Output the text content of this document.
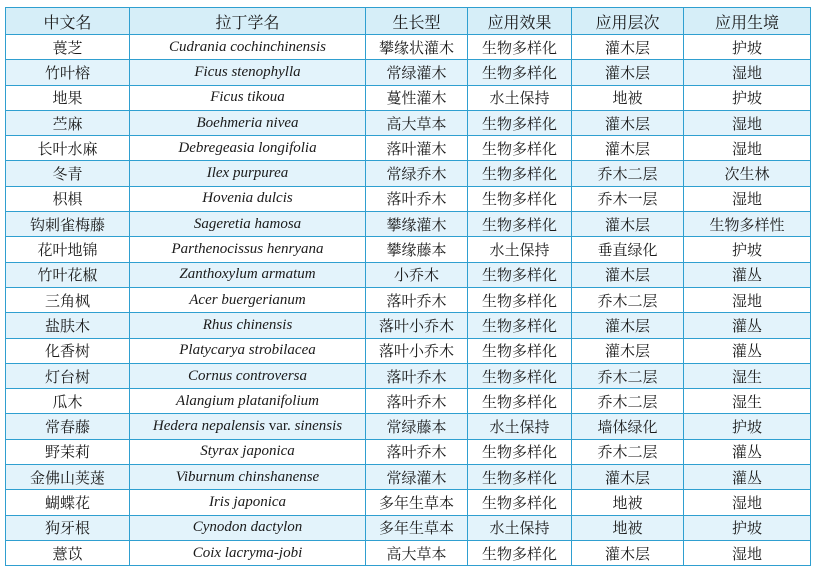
中文名	拉丁学名	生长型	应用效果	应用层次	应用生境
葨芝	Cudrania cochinchinensis	攀缘状灌木	生物多样化	灌木层	护坡
竹叶榕	Ficus stenophylla	常绿灌木	生物多样化	灌木层	湿地
地果	Ficus tikoua	蔓性灌木	水土保持	地被	护坡
苎麻	Boehmeria nivea	高大草本	生物多样化	灌木层	湿地
长叶水麻	Debregeasia longifolia	落叶灌木	生物多样化	灌木层	湿地
冬青	Ilex purpurea	常绿乔木	生物多样化	乔木二层	次生林
枳椇	Hovenia dulcis	落叶乔木	生物多样化	乔木一层	湿地
钩刺雀梅藤	Sageretia hamosa	攀缘灌木	生物多样化	灌木层	生物多样性
花叶地锦	Parthenocissus henryana	攀缘藤本	水土保持	垂直绿化	护坡
竹叶花椒	Zanthoxylum armatum	小乔木	生物多样化	灌木层	灌丛
三角枫	Acer buergerianum	落叶乔木	生物多样化	乔木二层	湿地
盐肤木	Rhus chinensis	落叶小乔木	生物多样化	灌木层	灌丛
化香树	Platycarya strobilacea	落叶小乔木	生物多样化	灌木层	灌丛
灯台树	Cornus controversa	落叶乔木	生物多样化	乔木二层	湿生
瓜木	Alangium platanifolium	落叶乔木	生物多样化	乔木二层	湿生
常春藤	Hedera nepalensis var. sinensis	常绿藤本	水土保持	墙体绿化	护坡
野茉莉	Styrax japonica	落叶乔木	生物多样化	乔木二层	灌丛
金佛山荚蒾	Viburnum chinshanense	常绿灌木	生物多样化	灌木层	灌丛
蝴蝶花	Iris japonica	多年生草本	生物多样化	地被	湿地
狗牙根	Cynodon dactylon	多年生草本	水土保持	地被	护坡
薏苡	Coix lacryma-jobi	高大草本	生物多样化	灌木层	湿地
